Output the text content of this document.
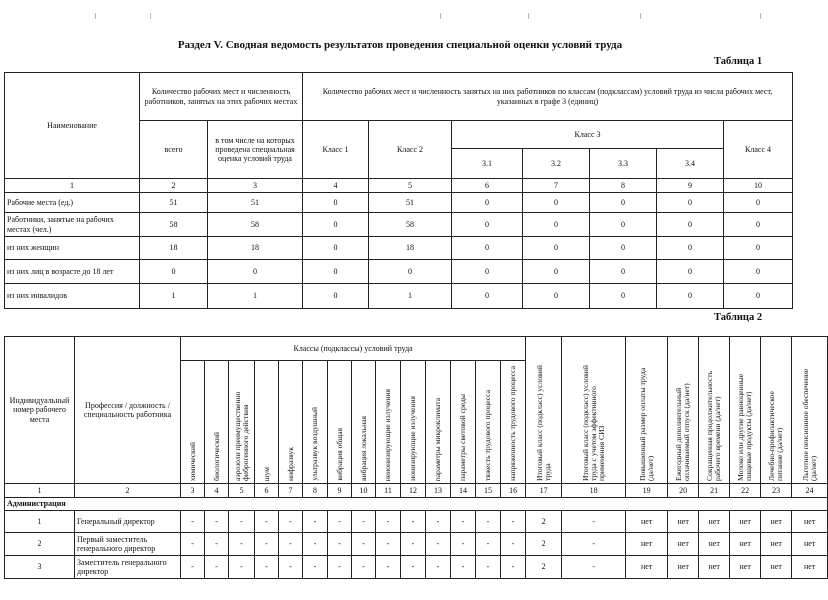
Раздел V. Сводная ведомость результатов проведения специальной оценки условий труда
Таблица 1
Наименование	Количество рабочих мест и численность работников, занятых на этих рабочих местах		Количество рабочих мест и численность занятых на них работников по классам (подклассам) условий труда из числа рабочих мест, указанных в графе 3 (единиц)						
	всего	в том числе на которых проведена специальная оценка условий труда	Класс 1	Класс 2	Класс 3				Класс 4
					3.1	3.2	3.3	3.4	
1	2	3	4	5	6	7	8	9	10
Рабочие места (ед.)	51	51	0	51	0	0	0	0	0
Работники, занятые на рабочих местах (чел.)	58	58	0	58	0	0	0	0	0
из них женщин	18	18	0	18	0	0	0	0	0
из них лиц в возрасте до 18 лет	0	0	0	0	0	0	0	0	0
из них инвалидов	1	1	0	1	0	0	0	0	0
Таблица 2
Индивидуальный номер рабочего места	Профессия / должность / специальность работника	Классы (подклассы) условий труда														Итоговый класс (подкласс) условий труда	Итоговый класс (подкласс) условий труда с учетом эффективного применения СИЗ	Повышенный размер оплаты труда (да/нет)	Ежегодный дополнительный оплачиваемый отпуск (да/нет)	Сокращенная продолжительность рабочего времени (да/нет)	Молоко или другие равноценные пищевые продукты (да/нет)	Лечебно-профилактическое питание (да/нет)	Льготное пенсионное обеспечение (да/нет)

		химический	биологический	аэрозоли преимущественно фиброгенного действия	шум	инфразвук	ультразвук воздушный	вибрация общая	вибрация локальная	неионизирующие излучения	ионизирующие излучения	параметры микроклимата	параметры световой среды	тяжесть трудового процесса	напряженность трудового процесса								

1	2	3	4	5	6	7	8	9	10	11	12	13	14	15	16	17	18	19	20	21	22	23	24
Администрация																							
1	Генеральный директор	-	-	-	-	-	-	-	-	-	-	-	-	-	-	2	-	нет	нет	нет	нет	нет	нет
2	Первый заместитель генерального директор	-	-	-	-	-	-	-	-	-	-	-	-	-	-	2	-	нет	нет	нет	нет	нет	нет
3	Заместитель генерального директор	-	-	-	-	-	-	-	-	-	-	-	-	-	-	2	-	нет	нет	нет	нет	нет	нет
